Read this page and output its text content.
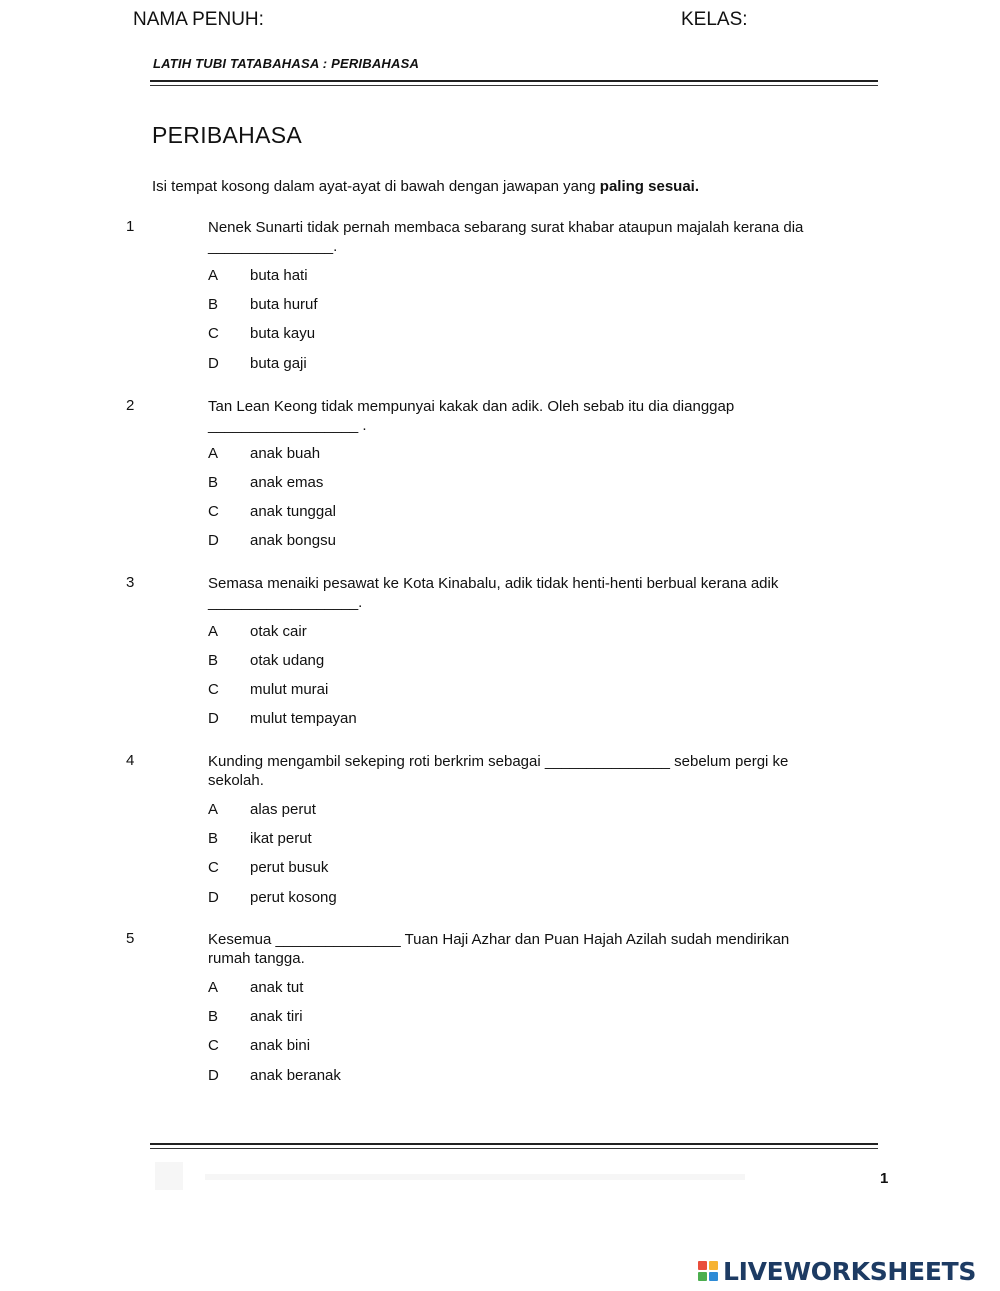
NAMA PENUH:	KELAS:
LATIH TUBI TATABAHASA : PERIBAHASA
PERIBAHASA
Isi tempat kosong dalam ayat-ayat di bawah dengan jawapan yang paling sesuai.
1	Nenek Sunarti tidak pernah membaca sebarang surat khabar ataupun majalah kerana dia _______________.
A	buta hati
B	buta huruf
C	buta kayu
D	buta gaji
2	Tan Lean Keong tidak mempunyai kakak dan adik. Oleh sebab itu dia dianggap __________________ .
A	anak buah
B	anak emas
C	anak tunggal
D	anak bongsu
3	Semasa menaiki pesawat ke Kota Kinabalu, adik tidak henti-henti berbual kerana adik __________________.
A	otak cair
B	otak udang
C	mulut murai
D	mulut tempayan
4	Kunding mengambil sekeping roti berkrim sebagai _______________ sebelum pergi ke sekolah.
A	alas perut
B	ikat perut
C	perut busuk
D	perut kosong
5	Kesemua _______________ Tuan Haji Azhar dan Puan Hajah Azilah sudah mendirikan rumah tangga.
A	anak tut
B	anak tiri
C	anak bini
D	anak beranak
1
LIVEWORKSHEETS
